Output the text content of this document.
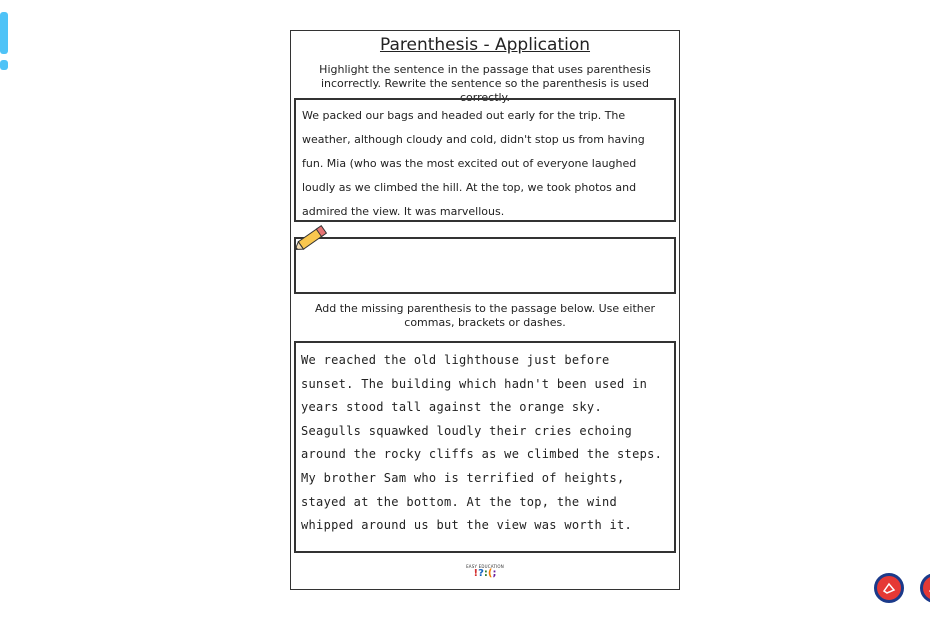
Parenthesis - Application
Highlight the sentence in the passage that uses parenthesis incorrectly. Rewrite the sentence so the parenthesis is used correctly.
We packed our bags and headed out early for the trip. The weather, although cloudy and cold, didn't stop us from having fun. Mia (who was the most excited out of everyone laughed loudly as we climbed the hill. At the top, we took photos and admired the view. It was marvellous.
Add the missing parenthesis to the passage below. Use either commas, brackets or dashes.
We reached the old lighthouse just before sunset. The building which hadn't been used in years stood tall against the orange sky. Seagulls squawked loudly their cries echoing around the rocky cliffs as we climbed the steps. My brother Sam who is terrified of heights, stayed at the bottom. At the top, the wind whipped around us but the view was worth it.
EASY EDUCATION
!?:(;
